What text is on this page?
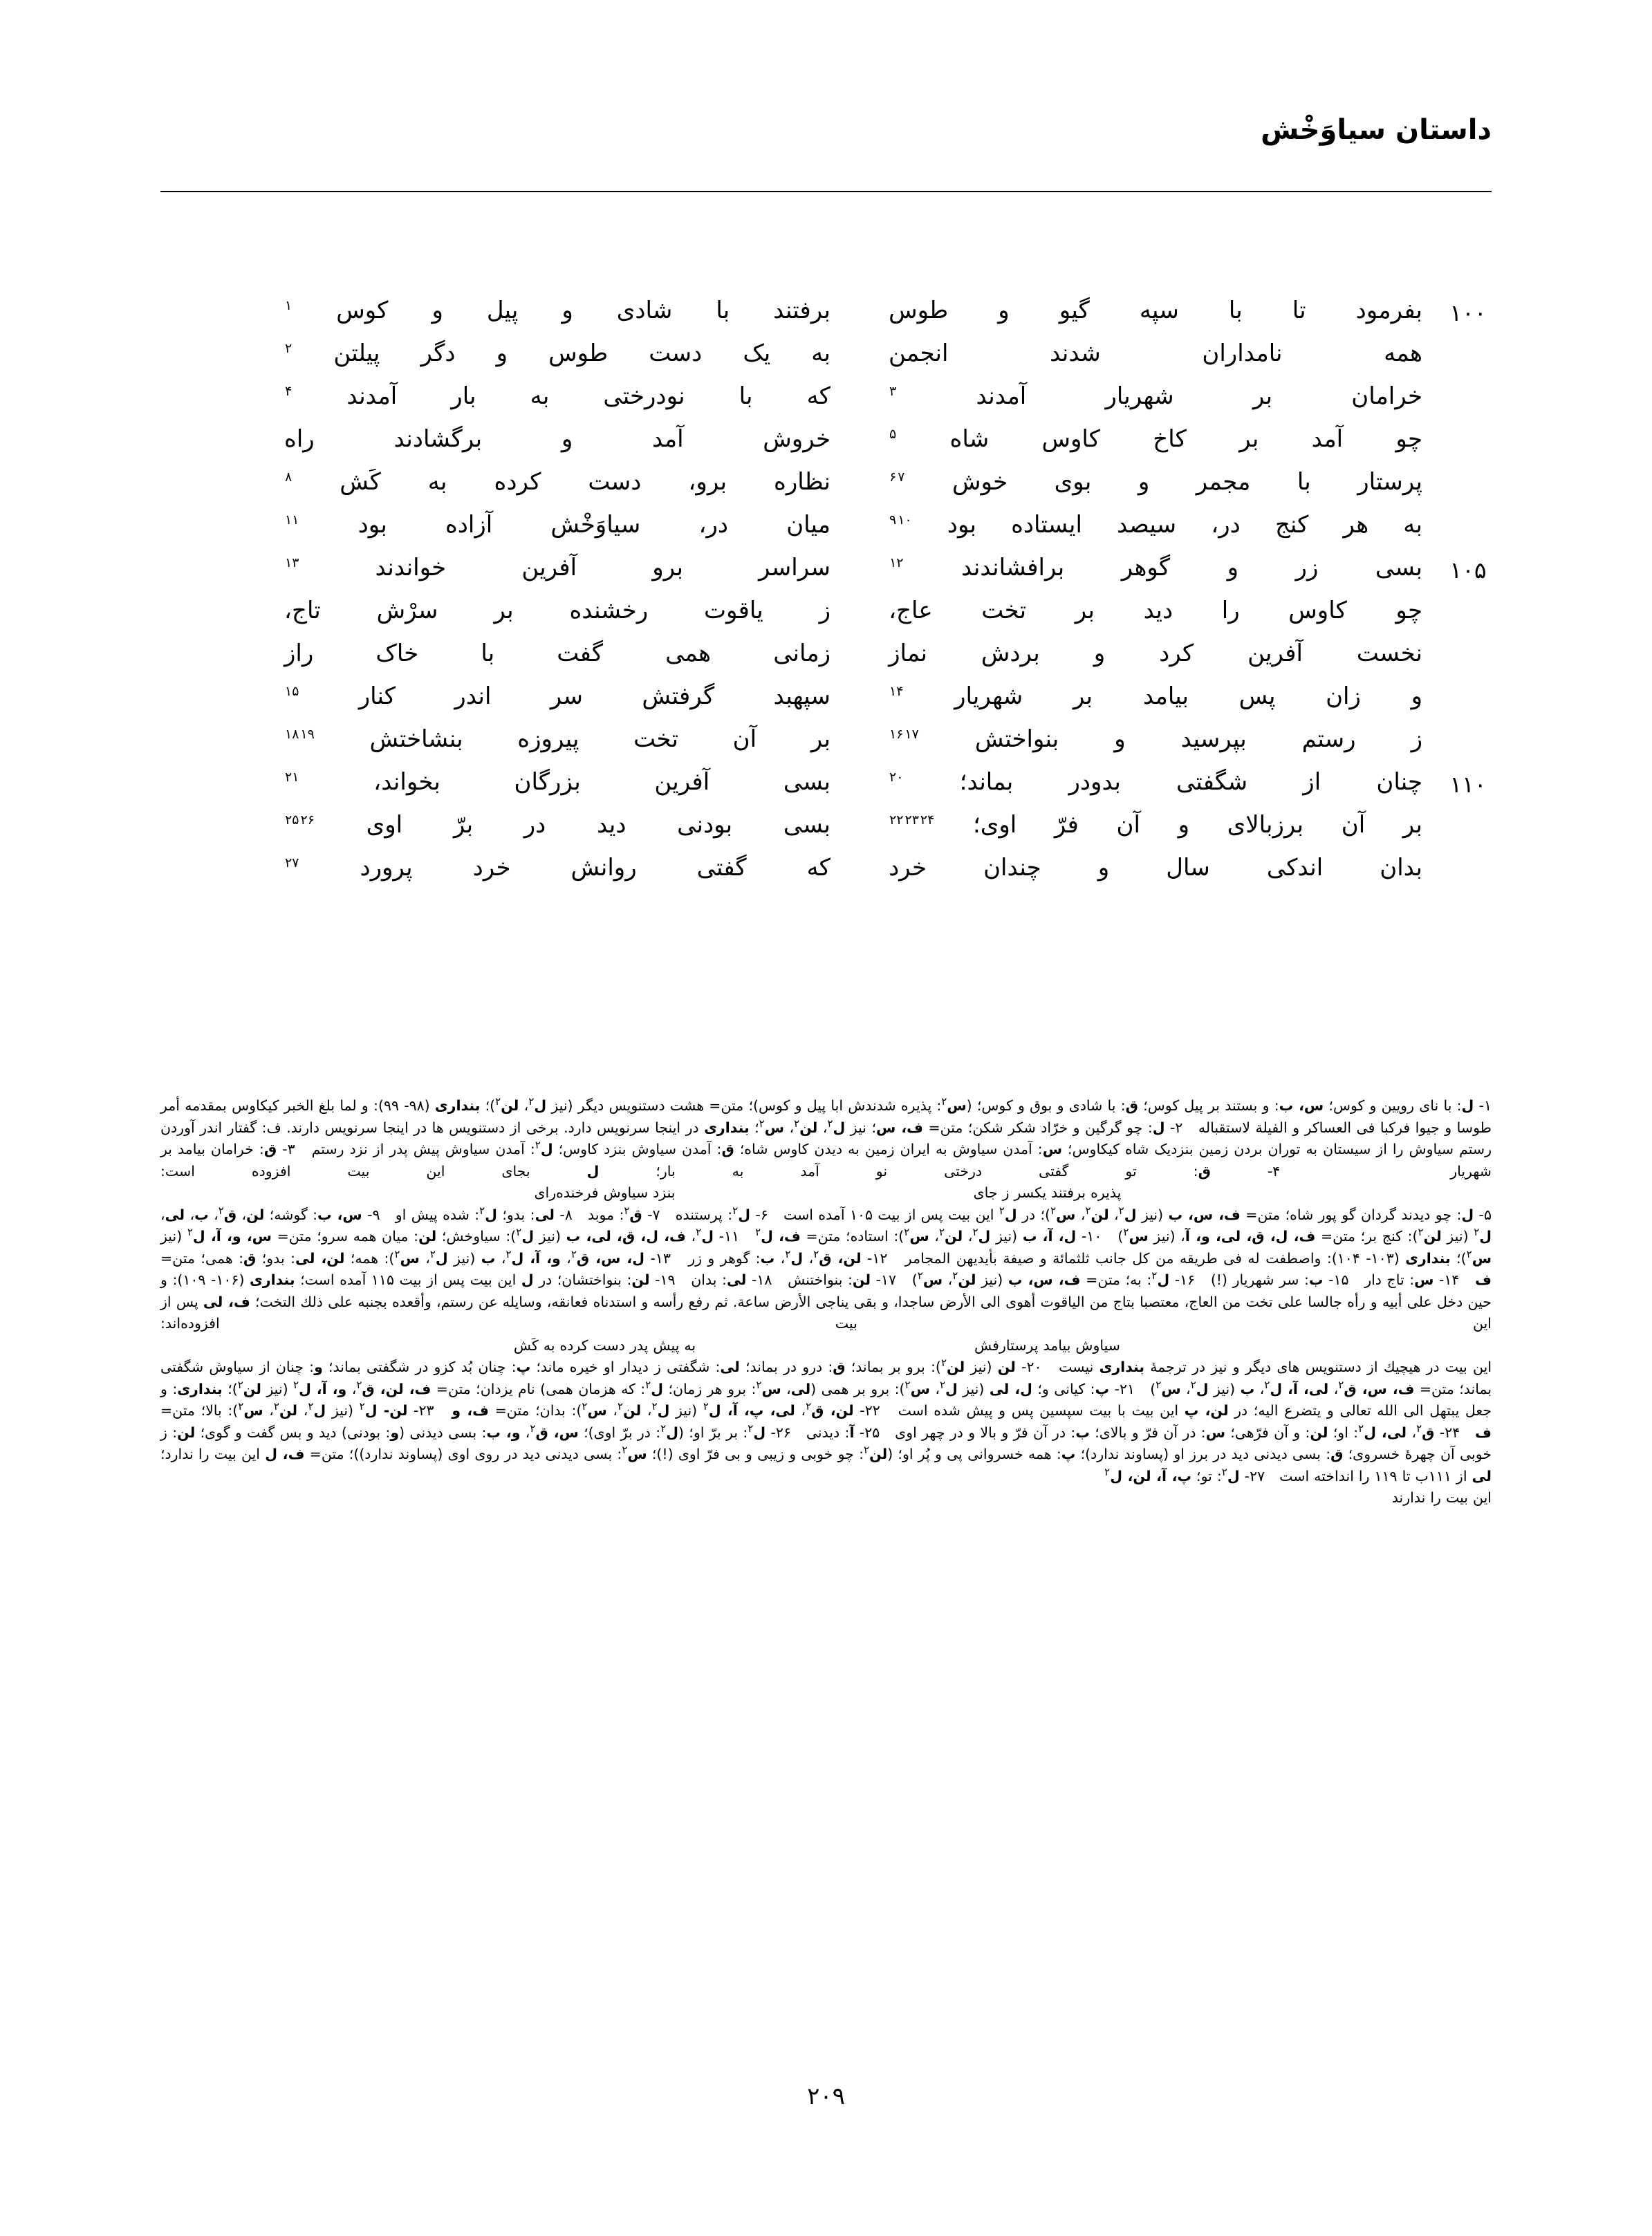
داستان سیاوَخْش
۱۰۰
بفرمود
تا
با
سپه
گیو
و
طوس
برفتند
با
شادی
و
پیل
و
کوس
$^۱$
همه
نامداران
شدند
انجمن
به
یک
دست
طوس
و
دگر
پیلتن
$^۲$
خرامان
بر
شهریار
آمدند
$^۳$
که
با
نودرختی
به
بار
آمدند
$^۴$
چو
آمد
بر
کاخ
کاوس
شاه
$^۵$
خروش
آمد
و
برگشادند
راه
پرستار
با
مجمر
و
بوی
خوش
$^۶$ $^۷$
نظاره
برو،
دست
کرده
به
کَش
$^۸$
به
هر
کنج
در،
سیصد
ایستاده
بود
$^۹$ $^{۱۰}$
میان
در،
سیاوَخْش
آزاده
بود
$^{۱۱}$
۱۰۵
بسی
زر
و
گوهر
برافشاندند
$^{۱۲}$
سراسر
برو
آفرین
خواندند
$^{۱۳}$
چو
کاوس
را
دید
بر
تخت
عاج،
ز
یاقوت
رخشنده
بر
سرْش
تاج،
نخست
آفرین
کرد
و
بردش
نماز
زمانی
همی
گفت
با
خاک
راز
و
زان
پس
بیامد
بر
شهریار
$^{۱۴}$
سپهبد
گرفتش
سر
اندر
کنار
$^{۱۵}$
ز
رستم
بپرسید
و
بنواختش
$^{۱۶}$ $^{۱۷}$
بر
آن
تخت
پیروزه
بنشاختش
$^{۱۸}$ $^{۱۹}$
۱۱۰
چنان
از
شگفتی
بدودر
بماند؛
$^{۲۰}$
بسی
آفرین
بزرگان
بخواند،
$^{۲۱}$
بر
آن
برزبالای
و
آن
فرّ
اوی؛
$^{۲۲}$ $^{۲۳}$ $^{۲۴}$
بسی
بودنی
دید
در
برّ
اوی
$^{۲۵}$ $^{۲۶}$
بدان
اندکی
سال
و
چندان
خرد
که
گفتی
روانش
خرد
پرورد
$^{۲۷}$

۱- ل: با نای رویین و کوس؛ س، ب: و بستند بر پیل کوس؛ ق: با شادی و بوق و کوس؛ (س$^۲$: پذیره شدندش ابا پیل و کوس)؛ متن= هشت دستنویس دیگر (نیز ل$^۲$، لن$^۲$)؛ بنداری (۹۸- ۹۹): و لما بلغ الخبر کیکاوس بمقدمه أمر طوسا و جیوا فرکبا فی العساکر و الفیلة لاستقباله   ۲- ل: چو گرگین و خرّاد شکر شکن؛ متن= ف، س؛ نیز ل$^۲$، لن$^۲$، س$^۲$؛ بنداری در اینجا سرنویس دارد. برخی از دستنویس ها در اینجا سرنویس دارند. ف: گفتار اندر آوردن رستم سیاوش را از سیستان به توران بردن زمین بنزدیک شاه کیکاوس؛ س: آمدن سیاوش به ایران زمین به دیدن کاوس شاه؛ ق: آمدن سیاوش بنزد کاوس؛ ل$^۲$: آمدن سیاوش پیش پدر از نزد رستم   ۳- ق: خرامان بیامد بر شهریار   ۴- ق: تو گفتی درختی نو آمد به بار؛ ل بجای این بیت افزوده است:

پذیره برفتند یکسر ز جایبنزد سیاوش فرخنده‌رای

۵- ل: چو دیدند گردان گو پور شاه؛ متن= ف، س، ب (نیز ل$^۲$، لن$^۲$، س$^۲$)؛ در ل$^۲$ این بیت پس از بیت ۱۰۵ آمده است   ۶- ل$^۲$: پرستنده   ۷- ق$^۲$: موبد   ۸- لی: بدو؛ ل$^۲$: شده پیش او   ۹- س، ب: گوشه؛ لن، ق$^۲$، ب، لی، ل$^۲$ (نیز لن$^۲$): کنج بر؛ متن= ف، ل، ق، لی، و، آ، (نیز س$^۲$)   ۱۰- ل، آ، ب (نیز ل$^۲$، لن$^۲$، س$^۲$): استاده؛ متن= ف، ل$^۲$   ۱۱- ل$^۲$، ف، ل، ق، لی، ب (نیز ل$^۲$): سیاوخش؛ لن: میان همه سرو؛ متن= س، و، آ، ل$^۲$ (نیز س$^۲$)؛ بنداری (۱۰۳- ۱۰۴): واصطفت له فی طریقه من کل جانب ثلثمائة و صیفة بأیدیهن المجامر   ۱۲- لن، ق$^۲$، ل$^۲$، ب: گوهر و زر   ۱۳- ل، س، ق$^۲$، و، آ، ل$^۲$، ب (نیز ل$^۲$، س$^۲$): همه؛ لن، لی: بدو؛ ق: همی؛ متن= ف   ۱۴- س: تاج دار   ۱۵- ب: سر شهریار (!)   ۱۶- ل$^۲$: به؛ متن= ف، س، ب (نیز لن$^۲$، س$^۲$)   ۱۷- لن: بنواختنش   ۱۸- لی: بدان   ۱۹- لن: بنواختشان؛ در ل این بیت پس از بیت ۱۱۵ آمده است؛ بنداری (۱۰۶- ۱۰۹): و حین دخل علی أبیه و رأه جالسا علی تخت من العاج، معتصبا بتاج من الیاقوت أهوی الی الأرض ساجدا، و بقی یناجی الأرض ساعة. ثم رفع رأسه و استدناه فعانقه، وسایله عن رستم، وأقعده بجنبه علی ذلك التخت؛ ف، لی پس از این بیت افزوده‌اند:

سیاوش بیامد پرستارفشبه پیش پدر دست کرده به کَش

این بیت در هیچیك از دستنویس های دیگر و نیز در ترجمۀ بنداری نیست   ۲۰- لن (نیز لن$^۲$): برو بر بماند؛ ق: درو در بماند؛ لی: شگفتی ز دیدار او خیره ماند؛ پ: چنان بُد کزو در شگفتی بماند؛ و: چنان از سیاوش شگفتی بماند؛ متن= ف، س، ق$^۲$، لی، آ، ل$^۲$، ب (نیز ل$^۲$، س$^۲$)   ۲۱- پ: کیانی و؛ ل، لی (نیز ل$^۲$، س$^۲$): برو بر همی (لی، س$^۲$: برو هر زمان؛ ل$^۲$: که هزمان همی) نام یزدان؛ متن= ف، لن، ق$^۲$، و، آ، ل$^۲$ (نیز لن$^۲$)؛ بنداری: و جعل یبتهل الی الله تعالی و یتضرع الیه؛ در لن، پ این بیت با بیت سپسین پس و پیش شده است   ۲۲- لن، ق$^۲$، لی، پ، آ، ل$^۲$ (نیز ل$^۲$، لن$^۲$، س$^۲$): بدان؛ متن= ف، و   ۲۳- لن- ل$^۲$ (نیز ل$^۲$، لن$^۲$، س$^۲$): بالا؛ متن= ف   ۲۴- ق$^۲$، لی، ل$^۲$: او؛ لن: و آن فرّهی؛ س: در آن فرّ و بالای؛ ب: در آن فرّ و بالا و در چهر اوی   ۲۵- آ: دیدنی   ۲۶- ل$^۲$: بر برّ او؛ (ل$^۲$: در برّ اوی)؛ س، ق$^۲$، و، ب: بسی دیدنی (و: بودنی) دید و بس گفت و گوی؛ لن: ز خوبی آن چهرۀ خسروی؛ ق: بسی دیدنی دید در برز او (پساوند ندارد)؛ پ: همه خسروانی پی و پُر او؛ (لن$^۲$: چو خوبی و زیبی و بی فرّ اوی (!)؛ س$^۲$: بسی دیدنی دید در روی اوی (پساوند ندارد))؛ متن= ف، ل این بیت را ندارد؛ لی از ۱۱۱ب تا ۱۱۹ را انداخته است   ۲۷- ل$^۲$: تو؛ پ، آ، لن، ل$^۲$

این بیت را ندارند

۲۰۹
